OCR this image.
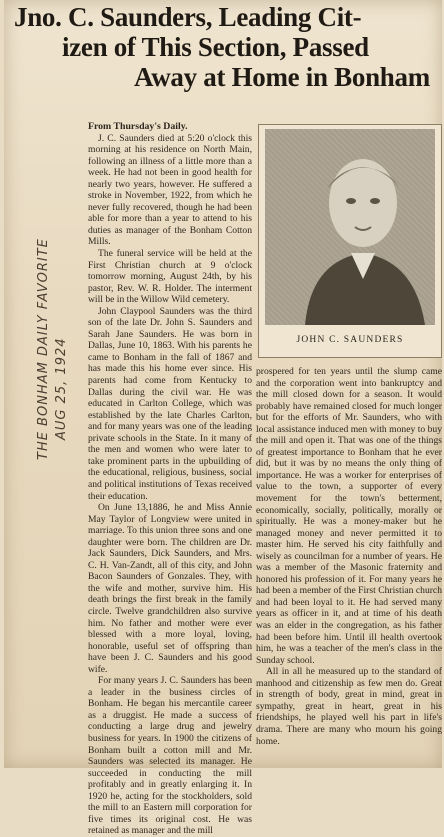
Jno. C. Saunders, Leading Cit-
izen of This Section, Passed
Away at Home in Bonham
THE BONHAM DAILY FAVORITE AUG 25, 1924

From Thursday's Daily.

J. C. Saunders died at 5:20 o'clock this morning at his residence on North Main, following an illness of a little more than a week. He had not been in good health for nearly two years, however. He suffered a stroke in November, 1922, from which he never fully recovered, though he had been able for more than a year to attend to his duties as manager of the Bonham Cotton Mills.

The funeral service will be held at the First Christian church at 9 o'clock tomorrow morning, August 24th, by his pastor, Rev. W. R. Holder. The interment will be in the Willow Wild cemetery.

John Claypool Saunders was the third son of the late Dr. John S. Saunders and Sarah Jane Saunders. He was born in Dallas, June 10, 1863. With his parents he came to Bonham in the fall of 1867 and has made this his home ever since. His parents had come from Kentucky to Dallas during the civil war. He was educated in Carlton College, which was established by the late Charles Carlton, and for many years was one of the leading private schools in the State. In it many of the men and women who were later to take prominent parts in the upbuilding of the educational, religious, business, social and political institutions of Texas received their education.

On June 13,1886, he and Miss Annie May Taylor of Longview were united in marriage. To this union three sons and one daughter were born. The children are Dr. Jack Saunders, Dick Saunders, and Mrs. C. H. Van-Zandt, all of this city, and John Bacon Saunders of Gonzales. They, with the wife and mother, survive him. His death brings the first break in the family circle. Twelve grandchildren also survive him. No father and mother were ever blessed with a more loyal, loving, honorable, useful set of offspring than have been J. C. Saunders and his good wife.

For many years J. C. Saunders has been a leader in the business circles of Bonham. He began his mercantile career as a druggist. He made a success of conducting a large drug and jewelry business for years. In 1900 the citizens of Bonham built a cotton mill and Mr. Saunders was selected its manager. He succeeded in conducting the mill profitably and in greatly enlarging it. In 1920 he, acting for the stockholders, sold the mill to an Eastern mill corporation for five times its original cost. He was retained as manager and the mill

JOHN C. SAUNDERS

prospered for ten years until the slump came and the corporation went into bankruptcy and the mill closed down for a season. It would probably have remained closed for much longer but for the efforts of Mr. Saunders, who with local assistance induced men with money to buy the mill and open it. That was one of the things of greatest importance to Bonham that he ever did, but it was by no means the only thing of importance. He was a worker for enterprises of value to the town, a supporter of every movement for the town's betterment, economically, socially, politically, morally or spiritually. He was a money-maker but he managed money and never permitted it to master him. He served his city faithfully and wisely as councilman for a number of years. He was a member of the Masonic fraternity and honored his profession of it. For many years he had been a member of the First Christian church and had been loyal to it. He had served many years as officer in it, and at time of his death was an elder in the congregation, as his father had been before him. Until ill health overtook him, he was a teacher of the men's class in the Sunday school.

All in all he measured up to the standard of manhood and citizenship as few men do. Great in strength of body, great in mind, great in sympathy, great in heart, great in his friendships, he played well his part in life's drama. There are many who mourn his going home.
